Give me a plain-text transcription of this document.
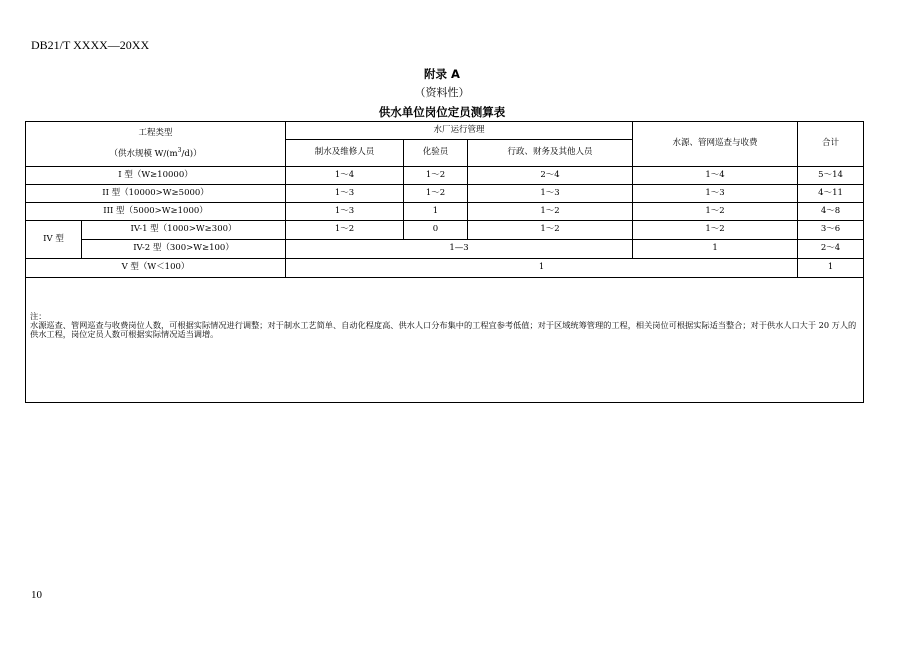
DB21/T XXXX—20XX
附录 A
（资料性）
供水单位岗位定员测算表
工程类型
（供水规模 $W/(m^3/d)$）		水厂运行管理			水源、管网巡查与收费	合计
		制水及维修人员	化验员	行政、财务及其他人员		
I 型（W≥10000）		1～4	1～2	2～4	1～4	5～14
II 型（10000>W≥5000）		1～3	1～2	1～3	1～3	4～11
III 型（5000>W≥1000）		1～3	1	1～2	1～2	4～8
IV 型	IV-1 型（1000>W≥300）	1～2	0	1～2	1～2	3～6
	IV-2 型（300>W≥100）	1—3			1	2～4
V 型（W＜100）		1				1

注：
水源巡查、管网巡查与收费岗位人数，可根据实际情况进行调整；对于制水工艺简单、自动化程度高、供水人口分布集中的工程宜参考低值；对于区域统筹管理的工程，相关岗位可根据实际适当整合；对于供水人口大于 20 万人的供水工程，岗位定员人数可根据实际情况适当调增。						
10
